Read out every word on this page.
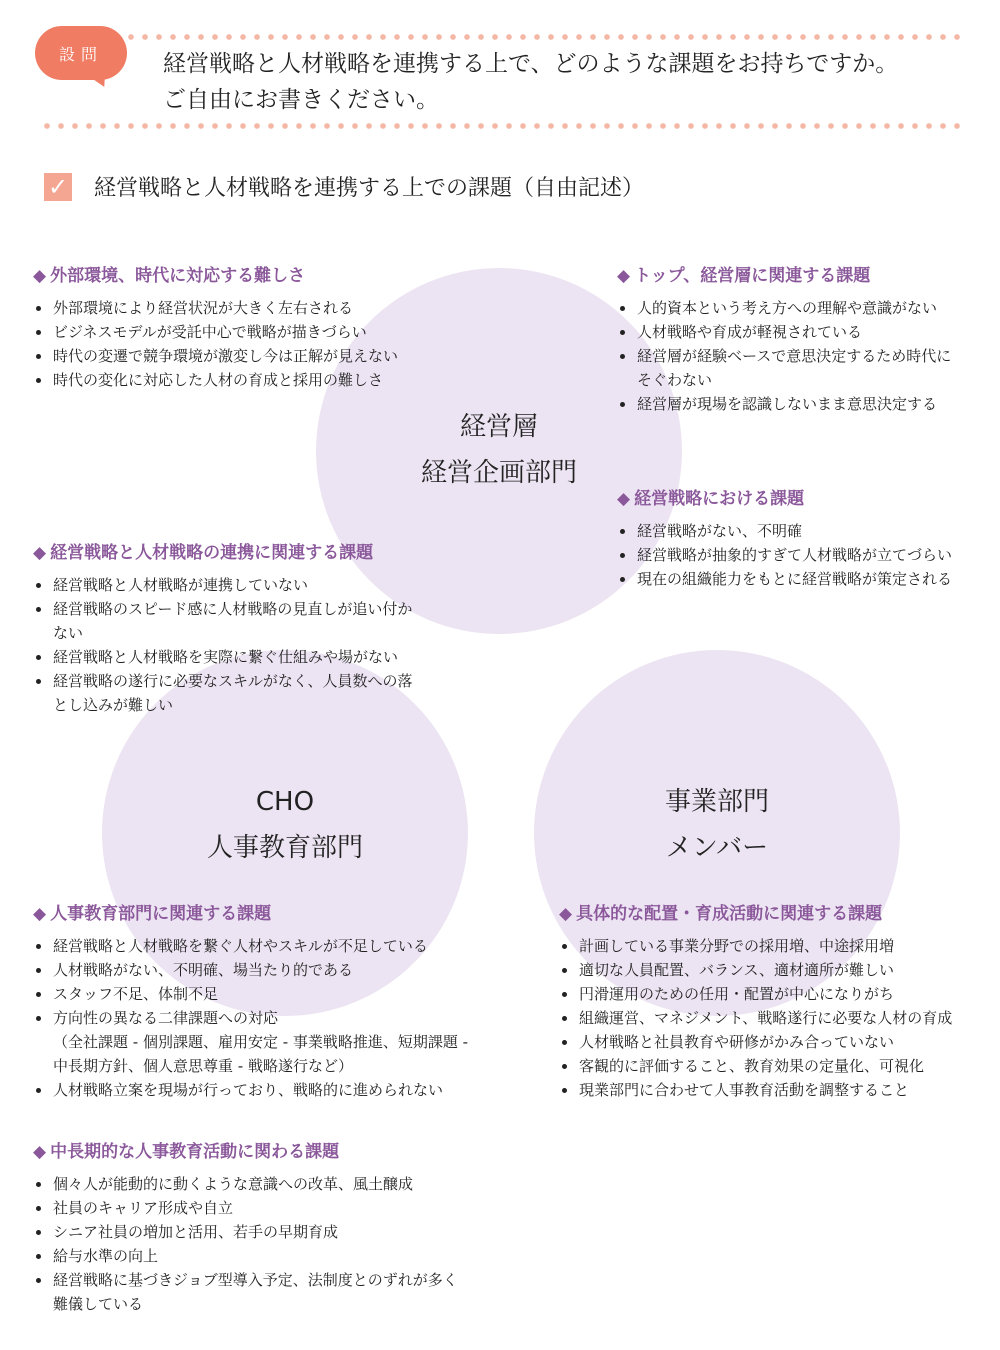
設問	経営戦略と人材戦略を連携する上で、どのような課題をお持ちですか。
ご自由にお書きください。
✓ 経営戦略と人材戦略を連携する上での課題（自由記述）
経営層
経営企画部門
CHO
人事教育部門
事業部門
メンバー
◆ 外部環境、時代に対応する難しさ
外部環境により経営状況が大きく左右される
ビジネスモデルが受託中心で戦略が描きづらい
時代の変遷で競争環境が激変し今は正解が見えない
時代の変化に対応した人材の育成と採用の難しさ
◆ トップ、経営層に関連する課題
人的資本という考え方への理解や意識がない
人材戦略や育成が軽視されている
経営層が経験ベースで意思決定するため時代に
そぐわない
経営層が現場を認識しないまま意思決定する
◆ 経営戦略における課題
経営戦略がない、不明確
経営戦略が抽象的すぎて人材戦略が立てづらい
現在の組織能力をもとに経営戦略が策定される
◆ 経営戦略と人材戦略の連携に関連する課題
経営戦略と人材戦略が連携していない
経営戦略のスピード感に人材戦略の見直しが追い付か
ない
経営戦略と人材戦略を実際に繋ぐ仕組みや場がない
経営戦略の遂行に必要なスキルがなく、人員数への落
とし込みが難しい
◆ 人事教育部門に関連する課題
経営戦略と人材戦略を繋ぐ人材やスキルが不足している
人材戦略がない、不明確、場当たり的である
スタッフ不足、体制不足
方向性の異なる二律課題への対応
（全社課題 - 個別課題、雇用安定 - 事業戦略推進、短期課題 -
中長期方針、個人意思尊重 - 戦略遂行など）
人材戦略立案を現場が行っており、戦略的に進められない
◆ 具体的な配置・育成活動に関連する課題
計画している事業分野での採用増、中途採用増
適切な人員配置、バランス、適材適所が難しい
円滑運用のための任用・配置が中心になりがち
組織運営、マネジメント、戦略遂行に必要な人材の育成
人材戦略と社員教育や研修がかみ合っていない
客観的に評価すること、教育効果の定量化、可視化
現業部門に合わせて人事教育活動を調整すること
◆ 中長期的な人事教育活動に関わる課題
個々人が能動的に動くような意識への改革、風土醸成
社員のキャリア形成や自立
シニア社員の増加と活用、若手の早期育成
給与水準の向上
経営戦略に基づきジョブ型導入予定、法制度とのずれが多く
難儀している
